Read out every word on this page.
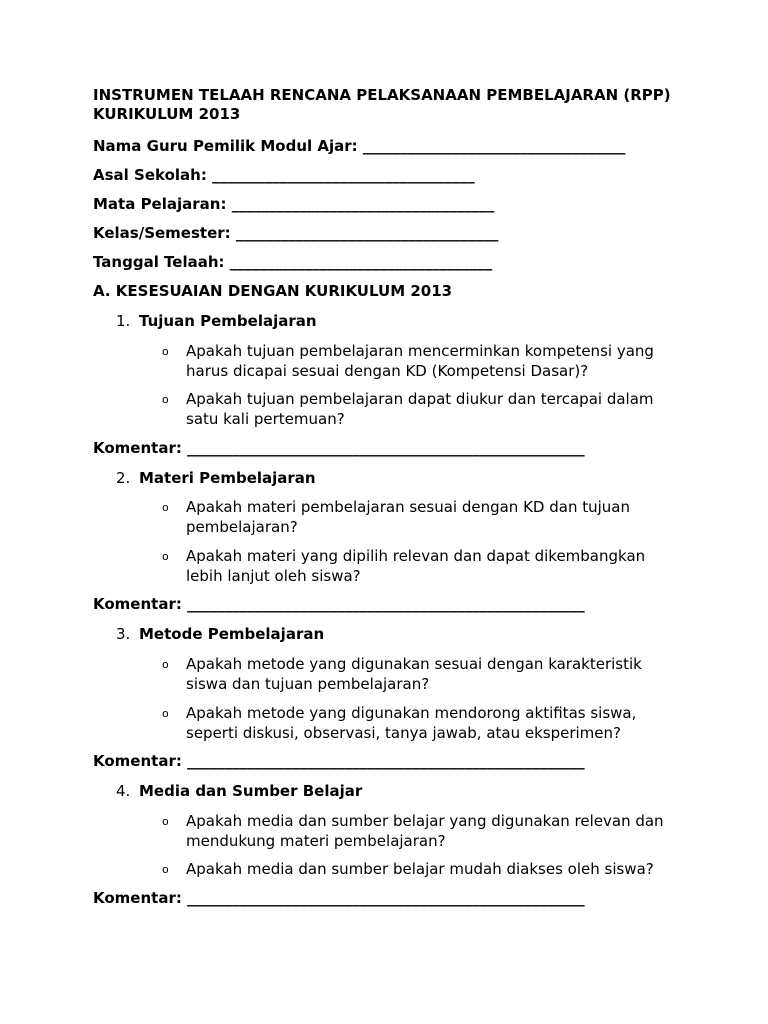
INSTRUMEN TELAAH RENCANA PELAKSANAAN PEMBELAJARAN (RPP) KURIKULUM 2013
Nama Guru Pemilik Modul Ajar: ___________________________________
Asal Sekolah: ___________________________________
Mata Pelajaran: ___________________________________
Kelas/Semester: ___________________________________
Tanggal Telaah: ___________________________________
A. KESESUAIAN DENGAN KURIKULUM 2013
1. Tujuan Pembelajaran
o Apakah tujuan pembelajaran mencerminkan kompetensi yang harus dicapai sesuai dengan KD (Kompetensi Dasar)?
o Apakah tujuan pembelajaran dapat diukur dan tercapai dalam satu kali pertemuan?
Komentar: _____________________________________________________
2. Materi Pembelajaran
o Apakah materi pembelajaran sesuai dengan KD dan tujuan pembelajaran?
o Apakah materi yang dipilih relevan dan dapat dikembangkan lebih lanjut oleh siswa?
Komentar: _____________________________________________________
3. Metode Pembelajaran
o Apakah metode yang digunakan sesuai dengan karakteristik siswa dan tujuan pembelajaran?
o Apakah metode yang digunakan mendorong aktifitas siswa, seperti diskusi, observasi, tanya jawab, atau eksperimen?
Komentar: _____________________________________________________
4. Media dan Sumber Belajar
o Apakah media dan sumber belajar yang digunakan relevan dan mendukung materi pembelajaran?
o Apakah media dan sumber belajar mudah diakses oleh siswa?
Komentar: _____________________________________________________
